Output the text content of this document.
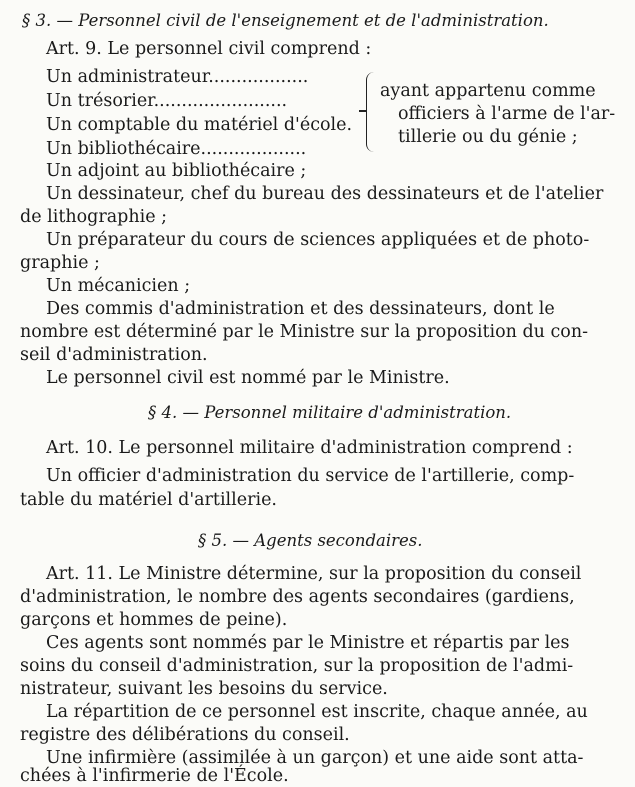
§ 3. — Personnel civil de l'enseignement et de l'administration.
Art. 9. Le personnel civil comprend :
Un administrateur..................
Un trésorier........................
Un comptable du matériel d'école.
Un bibliothécaire...................
ayant appartenu comme
officiers à l'arme de l'ar-
tillerie ou du génie ;
Un adjoint au bibliothécaire ;
Un dessinateur, chef du bureau des dessinateurs et de l'atelier
de lithographie ;
Un préparateur du cours de sciences appliquées et de photo-
graphie ;
Un mécanicien ;
Des commis d'administration et des dessinateurs, dont le
nombre est déterminé par le Ministre sur la proposition du con-
seil d'administration.
Le personnel civil est nommé par le Ministre.
§ 4. — Personnel militaire d'administration.
Art. 10. Le personnel militaire d'administration comprend :
Un officier d'administration du service de l'artillerie, comp-
table du matériel d'artillerie.
§ 5. — Agents secondaires.
Art. 11. Le Ministre détermine, sur la proposition du conseil
d'administration, le nombre des agents secondaires (gardiens,
garçons et hommes de peine).
Ces agents sont nommés par le Ministre et répartis par les
soins du conseil d'administration, sur la proposition de l'admi-
nistrateur, suivant les besoins du service.
La répartition de ce personnel est inscrite, chaque année, au
registre des délibérations du conseil.
Une infirmière (assimilée à un garçon) et une aide sont atta-
chées à l'infirmerie de l'École.
